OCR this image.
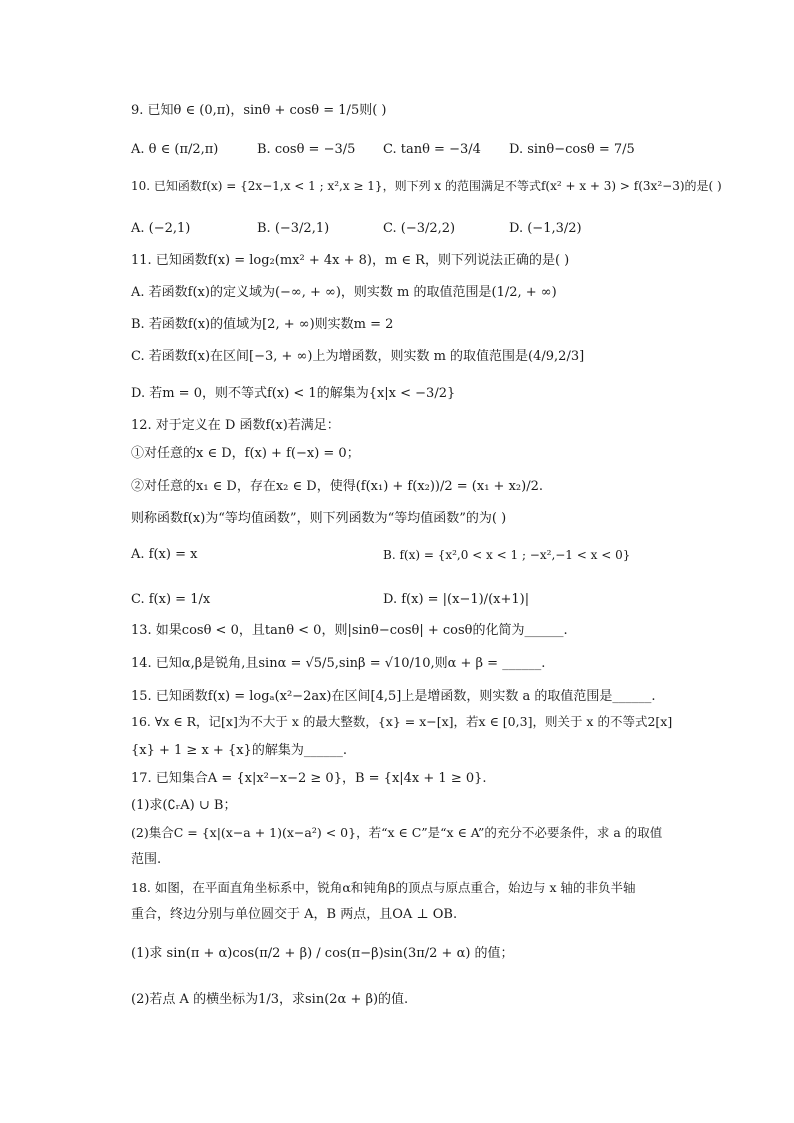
9. 已知θ ∈ (0,π)，sinθ + cosθ = 1/5则( )
A. θ ∈ (π/2,π)	B. cosθ = −3/5 C. tanθ = −3/4 D. sinθ−cosθ = 7/5
10. 已知函数f(x) = {2x−1,x < 1 ; x²,x ≥ 1}，则下列 x 的范围满足不等式f(x² + x + 3) > f(3x²−3)的是( )
A. (−2,1)	B. (−3/2,1)	C. (−3/2,2)	D. (−1,3/2)
11. 已知函数f(x) = log₂(mx² + 4x + 8)，m ∈ R，则下列说法正确的是( )
A. 若函数f(x)的定义域为(−∞, + ∞)，则实数 m 的取值范围是(1/2, + ∞)
B. 若函数f(x)的值域为[2, + ∞)则实数m = 2
C. 若函数f(x)在区间[−3, + ∞)上为增函数，则实数 m 的取值范围是(4/9,2/3]
D. 若m = 0，则不等式f(x) < 1的解集为{x|x < −3/2}
12. 对于定义在 D 函数f(x)若满足：
①对任意的x ∈ D，f(x) + f(−x) = 0；
②对任意的x₁ ∈ D，存在x₂ ∈ D，使得(f(x₁) + f(x₂))/2 = (x₁ + x₂)/2.
则称函数f(x)为“等均值函数”，则下列函数为“等均值函数”的为( )
A. f(x) = x	B. f(x) = {x²,0 < x < 1 ; −x²,−1 < x < 0}
C. f(x) = 1/x	D. f(x) = |(x−1)/(x+1)|
13. 如果cosθ < 0，且tanθ < 0，则|sinθ−cosθ| + cosθ的化简为______.
14. 已知α,β是锐角,且sinα = √5/5,sinβ = √10/10,则α + β = ______.
15. 已知函数f(x) = logₐ(x²−2ax)在区间[4,5]上是增函数，则实数 a 的取值范围是______.
16. ∀x ∈ R，记[x]为不大于 x 的最大整数，{x} = x−[x]，若x ∈ [0,3]，则关于 x 的不等式2[x]
{x} + 1 ≥ x + {x}的解集为______.
17. 已知集合A = {x|x²−x−2 ≥ 0}，B = {x|4x + 1 ≥ 0}.
(1)求(∁ᵣA) ∪ B；
(2)集合C = {x|(x−a + 1)(x−a²) < 0}，若“x ∈ C”是“x ∈ A”的充分不必要条件，求 a 的取值
范围.
18. 如图，在平面直角坐标系中，锐角α和钝角β的顶点与原点重合，始边与 x 轴的非负半轴
重合，终边分别与单位圆交于 A，B 两点，且OA ⊥ OB.
(1)求 sin(π + α)cos(π/2 + β) / cos(π−β)sin(3π/2 + α) 的值；
(2)若点 A 的横坐标为1/3，求sin(2α + β)的值.
